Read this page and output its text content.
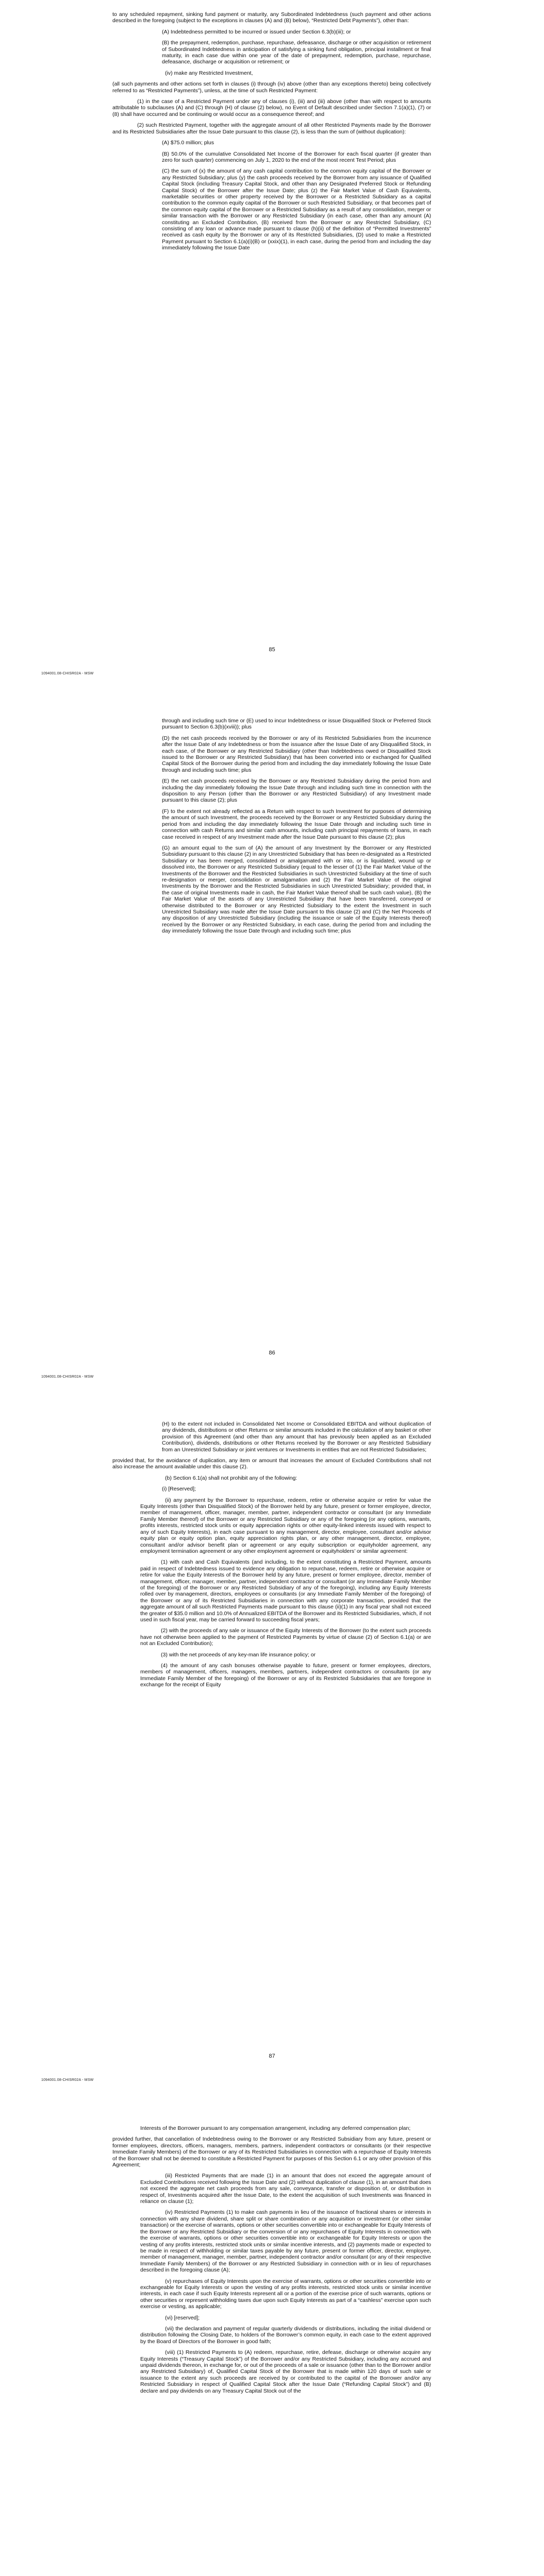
to any scheduled repayment, sinking fund payment or maturity, any Subordinated Indebtedness (such payment and other actions described in the foregoing (subject to the exceptions in clauses (A) and (B) below), “Restricted Debt Payments”), other than:

(A) Indebtedness permitted to be incurred or issued under Section 6.3(b)(iii); or

(B) the prepayment, redemption, purchase, repurchase, defeasance, discharge or other acquisition or retirement of Subordinated Indebtedness in anticipation of satisfying a sinking fund obligation, principal installment or final maturity, in each case due within one year of the date of prepayment, redemption, purchase, repurchase, defeasance, discharge or acquisition or retirement; or

(iv) make any Restricted Investment,

(all such payments and other actions set forth in clauses (i) through (iv) above (other than any exceptions thereto) being collectively referred to as “Restricted Payments”), unless, at the time of such Restricted Payment:

(1) in the case of a Restricted Payment under any of clauses (i), (iii) and (iii) above (other than with respect to amounts attributable to subclauses (A) and (C) through (H) of clause (2) below), no Event of Default described under Section 7.1(a)(1), (7) or (8) shall have occurred and be continuing or would occur as a consequence thereof; and

(2) such Restricted Payment, together with the aggregate amount of all other Restricted Payments made by the Borrower and its Restricted Subsidiaries after the Issue Date pursuant to this clause (2), is less than the sum of (without duplication):

(A) $75.0 million; plus

(B) 50.0% of the cumulative Consolidated Net Income of the Borrower for each fiscal quarter (if greater than zero for such quarter) commencing on July 1, 2020 to the end of the most recent Test Period; plus

(C) the sum of (x) the amount of any cash capital contribution to the common equity capital of the Borrower or any Restricted Subsidiary; plus (y) the cash proceeds received by the Borrower from any issuance of Qualified Capital Stock (including Treasury Capital Stock, and other than any Designated Preferred Stock or Refunding Capital Stock) of the Borrower after the Issue Date; plus (z) the Fair Market Value of Cash Equivalents, marketable securities or other property received by the Borrower or a Restricted Subsidiary as a capital contribution to the common equity capital of the Borrower or such Restricted Subsidiary, or that becomes part of the common equity capital of the Borrower or a Restricted Subsidiary as a result of any consolidation, merger or similar transaction with the Borrower or any Restricted Subsidiary (in each case, other than any amount (A) constituting an Excluded Contribution, (B) received from the Borrower or any Restricted Subsidiary, (C) consisting of any loan or advance made pursuant to clause (h)(ii) of the definition of “Permitted Investments” received as cash equity by the Borrower or any of its Restricted Subsidiaries, (D) used to make a Restricted Payment pursuant to Section 6.1(a)(i)(B) or (xxix)(1), in each case, during the period from and including the day immediately following the Issue Date

85
1094001.08-CHISR02A - MSW

through and including such time or (E) used to incur Indebtedness or issue Disqualified Stock or Preferred Stock pursuant to Section 6.3(b)(xviii)); plus

(D) the net cash proceeds received by the Borrower or any of its Restricted Subsidiaries from the incurrence after the Issue Date of any Indebtedness or from the issuance after the Issue Date of any Disqualified Stock, in each case, of the Borrower or any Restricted Subsidiary (other than Indebtedness owed or Disqualified Stock issued to the Borrower or any Restricted Subsidiary) that has been converted into or exchanged for Qualified Capital Stock of the Borrower during the period from and including the day immediately following the Issue Date through and including such time; plus

(E) the net cash proceeds received by the Borrower or any Restricted Subsidiary during the period from and including the day immediately following the Issue Date through and including such time in connection with the disposition to any Person (other than the Borrower or any Restricted Subsidiary) of any Investment made pursuant to this clause (2); plus

(F) to the extent not already reflected as a Return with respect to such Investment for purposes of determining the amount of such Investment, the proceeds received by the Borrower or any Restricted Subsidiary during the period from and including the day immediately following the Issue Date through and including such time in connection with cash Returns and similar cash amounts, including cash principal repayments of loans, in each case received in respect of any Investment made after the Issue Date pursuant to this clause (2); plus

(G) an amount equal to the sum of (A) the amount of any Investment by the Borrower or any Restricted Subsidiary pursuant to this clause (2) in any Unrestricted Subsidiary that has been re-designated as a Restricted Subsidiary or has been merged, consolidated or amalgamated with or into, or is liquidated, wound up or dissolved into, the Borrower or any Restricted Subsidiary (equal to the lesser of (1) the Fair Market Value of the Investments of the Borrower and the Restricted Subsidiaries in such Unrestricted Subsidiary at the time of such re-designation or merger, consolidation or amalgamation and (2) the Fair Market Value of the original Investments by the Borrower and the Restricted Subsidiaries in such Unrestricted Subsidiary; provided that, in the case of original Investments made in cash, the Fair Market Value thereof shall be such cash value), (B) the Fair Market Value of the assets of any Unrestricted Subsidiary that have been transferred, conveyed or otherwise distributed to the Borrower or any Restricted Subsidiary to the extent the Investment in such Unrestricted Subsidiary was made after the Issue Date pursuant to this clause (2) and (C) the Net Proceeds of any disposition of any Unrestricted Subsidiary (including the issuance or sale of the Equity Interests thereof) received by the Borrower or any Restricted Subsidiary, in each case, during the period from and including the day immediately following the Issue Date through and including such time; plus

86
1094001.08-CHISR02A - MSW

(H) to the extent not included in Consolidated Net Income or Consolidated EBITDA and without duplication of any dividends, distributions or other Returns or similar amounts included in the calculation of any basket or other provision of this Agreement (and other than any amount that has previously been applied as an Excluded Contribution), dividends, distributions or other Returns received by the Borrower or any Restricted Subsidiary from an Unrestricted Subsidiary or joint ventures or Investments in entities that are not Restricted Subsidiaries;

provided that, for the avoidance of duplication, any item or amount that increases the amount of Excluded Contributions shall not also increase the amount available under this clause (2).

(b) Section 6.1(a) shall not prohibit any of the following:

(i) [Reserved];

(ii) any payment by the Borrower to repurchase, redeem, retire or otherwise acquire or retire for value the Equity Interests (other than Disqualified Stock) of the Borrower held by any future, present or former employee, director, member of management, officer, manager, member, partner, independent contractor or consultant (or any Immediate Family Member thereof) of the Borrower or any Restricted Subsidiary or any of the foregoing (or any options, warrants, profits interests, restricted stock units or equity appreciation rights or other equity-linked interests issued with respect to any of such Equity Interests), in each case pursuant to any management, director, employee, consultant and/or advisor equity plan or equity option plan, equity appreciation rights plan, or any other management, director, employee, consultant and/or advisor benefit plan or agreement or any equity subscription or equityholder agreement, any employment termination agreement or any other employment agreement or equityholders’ or similar agreement:

(1) with cash and Cash Equivalents (and including, to the extent constituting a Restricted Payment, amounts paid in respect of Indebtedness issued to evidence any obligation to repurchase, redeem, retire or otherwise acquire or retire for value the Equity Interests of the Borrower held by any future, present or former employee, director, member of management, officer, manager, member, partner, independent contractor or consultant (or any Immediate Family Member of the foregoing) of the Borrower or any Restricted Subsidiary of any of the foregoing), including any Equity Interests rolled over by management, directors, employees or consultants (or any Immediate Family Member of the foregoing) of the Borrower or any of its Restricted Subsidiaries in connection with any corporate transaction, provided that the aggregate amount of all such Restricted Payments made pursuant to this clause (ii)(1) in any fiscal year shall not exceed the greater of $35.0 million and 10.0% of Annualized EBITDA of the Borrower and its Restricted Subsidiaries, which, if not used in such fiscal year, may be carried forward to succeeding fiscal years;

(2) with the proceeds of any sale or issuance of the Equity Interests of the Borrower (to the extent such proceeds have not otherwise been applied to the payment of Restricted Payments by virtue of clause (2) of Section 6.1(a) or are not an Excluded Contribution);

(3) with the net proceeds of any key-man life insurance policy; or

(4) the amount of any cash bonuses otherwise payable to future, present or former employees, directors, members of management, officers, managers, members, partners, independent contractors or consultants (or any Immediate Family Member of the foregoing) of the Borrower or any of its Restricted Subsidiaries that are foregone in exchange for the receipt of Equity

87
1094001.08-CHISR02A - MSW

Interests of the Borrower pursuant to any compensation arrangement, including any deferred compensation plan;

provided further, that cancellation of Indebtedness owing to the Borrower or any Restricted Subsidiary from any future, present or former employees, directors, officers, managers, members, partners, independent contractors or consultants (or their respective Immediate Family Members) of the Borrower or any of its Restricted Subsidiaries in connection with a repurchase of Equity Interests of the Borrower shall not be deemed to constitute a Restricted Payment for purposes of this Section 6.1 or any other provision of this Agreement;

(iii) Restricted Payments that are made (1) in an amount that does not exceed the aggregate amount of Excluded Contributions received following the Issue Date and (2) without duplication of clause (1), in an amount that does not exceed the aggregate net cash proceeds from any sale, conveyance, transfer or disposition of, or distribution in respect of, Investments acquired after the Issue Date, to the extent the acquisition of such Investments was financed in reliance on clause (1);

(iv) Restricted Payments (1) to make cash payments in lieu of the issuance of fractional shares or interests in connection with any share dividend, share split or share combination or any acquisition or investment (or other similar transaction) or the exercise of warrants, options or other securities convertible into or exchangeable for Equity Interests of the Borrower or any Restricted Subsidiary or the conversion of or any repurchases of Equity Interests in connection with the exercise of warrants, options or other securities convertible into or exchangeable for Equity Interests or upon the vesting of any profits interests, restricted stock units or similar incentive interests, and (2) payments made or expected to be made in respect of withholding or similar taxes payable by any future, present or former officer, director, employee, member of management, manager, member, partner, independent contractor and/or consultant (or any of their respective Immediate Family Members) of the Borrower or any Restricted Subsidiary in connection with or in lieu of repurchases described in the foregoing clause (A);

(v) repurchases of Equity Interests upon the exercise of warrants, options or other securities convertible into or exchangeable for Equity Interests or upon the vesting of any profits interests, restricted stock units or similar incentive interests, in each case if such Equity Interests represent all or a portion of the exercise price of such warrants, options or other securities or represent withholding taxes due upon such Equity Interests as part of a “cashless” exercise upon such exercise or vesting, as applicable;

(vi) [reserved];

(vii) the declaration and payment of regular quarterly dividends or distributions, including the initial dividend or distribution following the Closing Date, to holders of the Borrower’s common equity, in each case to the extent approved by the Board of Directors of the Borrower in good faith;

(viii) (1) Restricted Payments to (A) redeem, repurchase, retire, defease, discharge or otherwise acquire any Equity Interests (“Treasury Capital Stock”) of the Borrower and/or any Restricted Subsidiary, including any accrued and unpaid dividends thereon, in exchange for, or out of the proceeds of a sale or issuance (other than to the Borrower and/or any Restricted Subsidiary) of, Qualified Capital Stock of the Borrower that is made within 120 days of such sale or issuance to the extent any such proceeds are received by or contributed to the capital of the Borrower and/or any Restricted Subsidiary in respect of Qualified Capital Stock after the Issue Date (“Refunding Capital Stock”) and (B) declare and pay dividends on any Treasury Capital Stock out of the
